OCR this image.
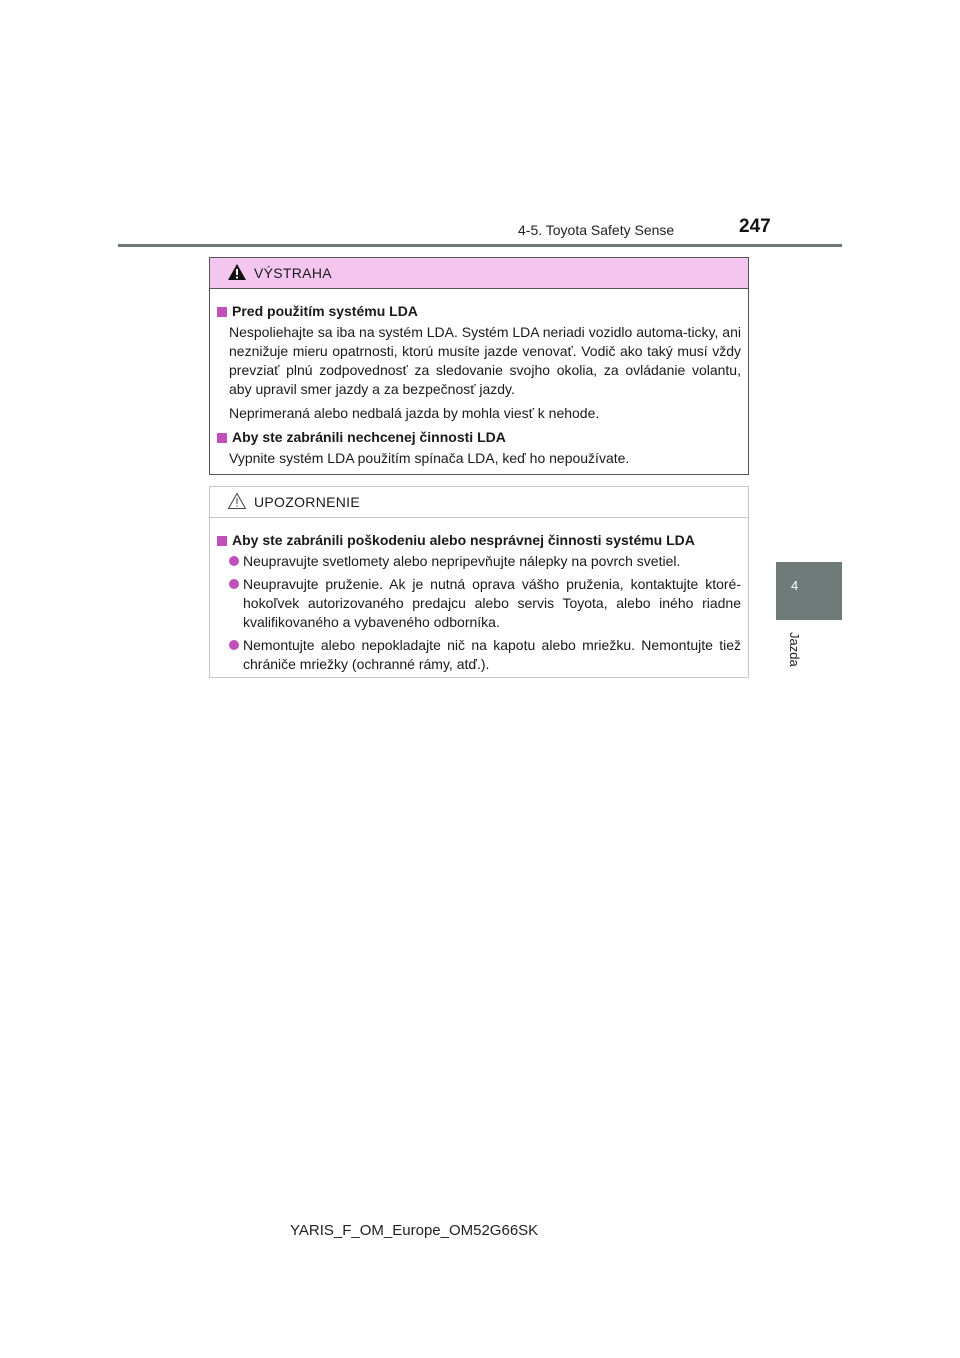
4-5. Toyota Safety Sense	247
4
Jazda
VÝSTRAHA
Pred použitím systému LDA

Nespoliehajte sa iba na systém LDA. Systém LDA neriadi vozidlo automa-ticky, ani neznižuje mieru opatrnosti, ktorú musíte jazde venovať. Vodič ako taký musí vždy prevziať plnú zodpovednosť za sledovanie svojho okolia, za ovládanie volantu, aby upravil smer jazdy a za bezpečnosť jazdy.

Neprimeraná alebo nedbalá jazda by mohla viesť k nehode.

Aby ste zabránili nechcenej činnosti LDA

Vypnite systém LDA použitím spínača LDA, keď ho nepoužívate.

UPOZORNENIE
Aby ste zabránili poškodeniu alebo nesprávnej činnosti systému LDA
Neupravujte svetlomety alebo nepripevňujte nálepky na povrch svetiel.
Neupravujte pruženie. Ak je nutná oprava vášho pruženia, kontaktujte ktoré-hokoľvek autorizovaného predajcu alebo servis Toyota, alebo iného riadne kvalifikovaného a vybaveného odborníka.
Nemontujte alebo nepokladajte nič na kapotu alebo mriežku. Nemontujte tiež chrániče mriežky (ochranné rámy, atď.).
YARIS_F_OM_Europe_OM52G66SK
